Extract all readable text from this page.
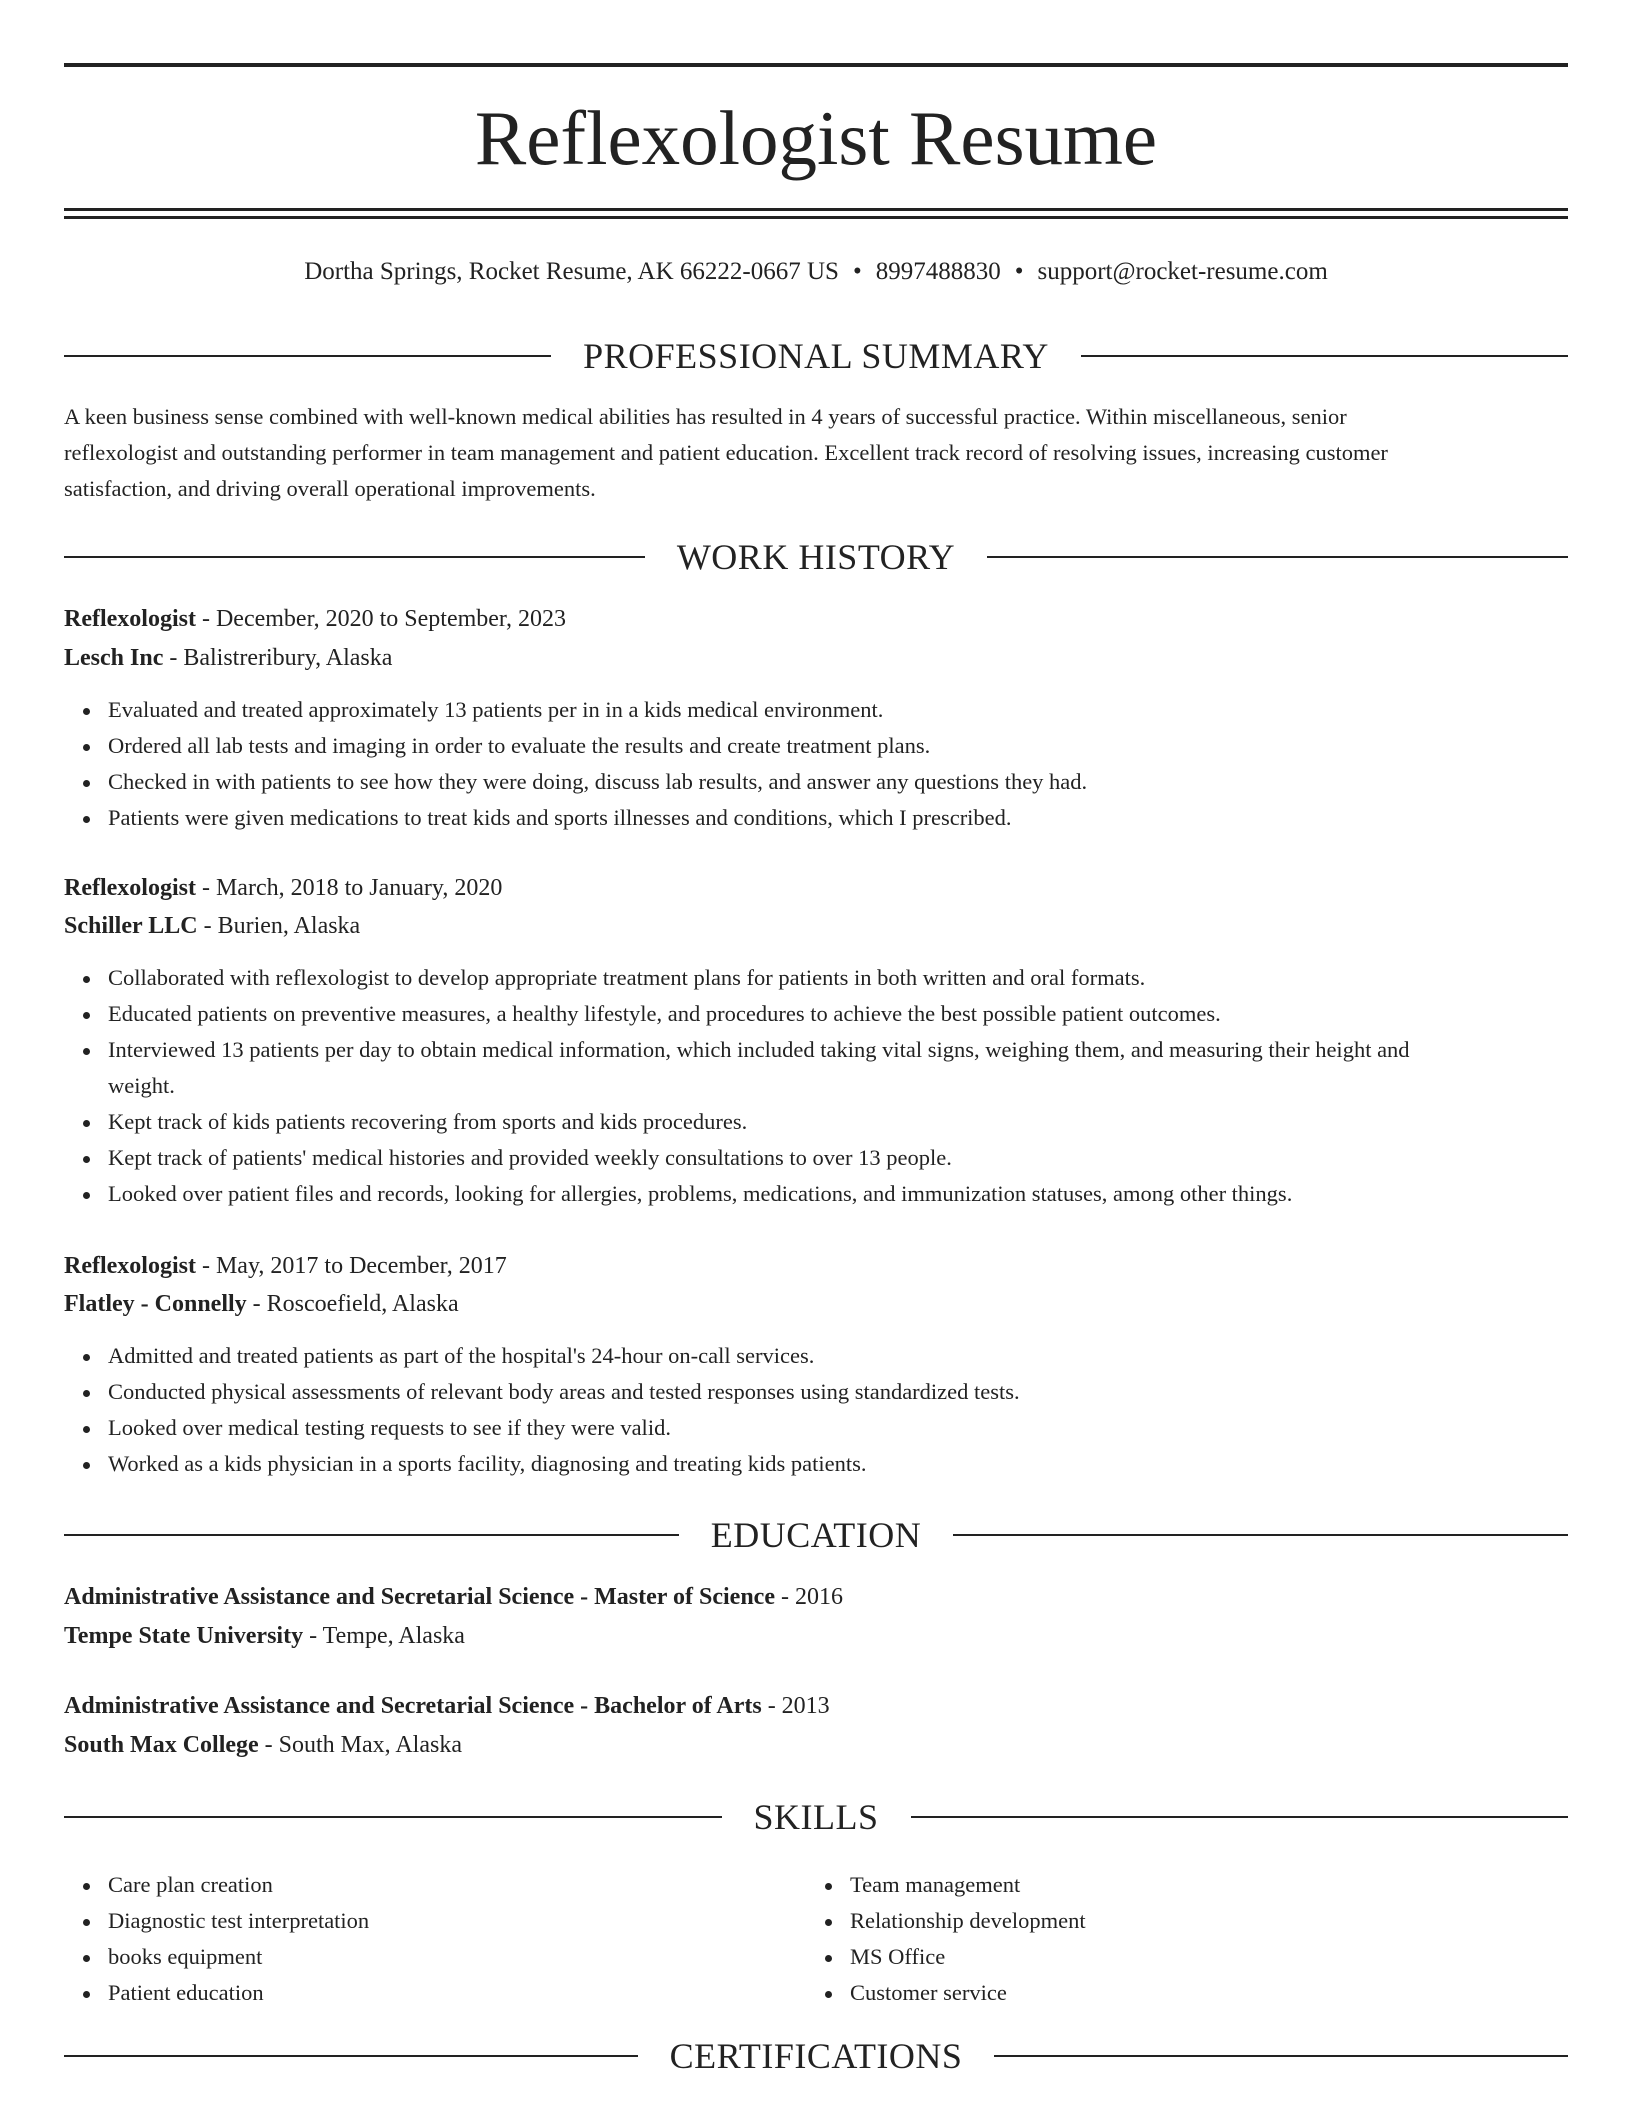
Reflexologist Resume
Dortha Springs, Rocket Resume, AK 66222-0667 US • 8997488830 • support@rocket-resume.com
PROFESSIONAL SUMMARY

A keen business sense combined with well-known medical abilities has resulted in 4 years of successful practice. Within miscellaneous, senior
reflexologist and outstanding performer in team management and patient education. Excellent track record of resolving issues, increasing customer
satisfaction, and driving overall operational improvements.

WORK HISTORY
Reflexologist - December, 2020 to September, 2023
Lesch Inc - Balistreribury, Alaska
Evaluated and treated approximately 13 patients per in in a kids medical environment.
Ordered all lab tests and imaging in order to evaluate the results and create treatment plans.
Checked in with patients to see how they were doing, discuss lab results, and answer any questions they had.
Patients were given medications to treat kids and sports illnesses and conditions, which I prescribed.
Reflexologist - March, 2018 to January, 2020
Schiller LLC - Burien, Alaska
Collaborated with reflexologist to develop appropriate treatment plans for patients in both written and oral formats.
Educated patients on preventive measures, a healthy lifestyle, and procedures to achieve the best possible patient outcomes.
Interviewed 13 patients per day to obtain medical information, which included taking vital signs, weighing them, and measuring their height and
weight.
Kept track of kids patients recovering from sports and kids procedures.
Kept track of patients' medical histories and provided weekly consultations to over 13 people.
Looked over patient files and records, looking for allergies, problems, medications, and immunization statuses, among other things.
Reflexologist - May, 2017 to December, 2017
Flatley - Connelly - Roscoefield, Alaska
Admitted and treated patients as part of the hospital's 24-hour on-call services.
Conducted physical assessments of relevant body areas and tested responses using standardized tests.
Looked over medical testing requests to see if they were valid.
Worked as a kids physician in a sports facility, diagnosing and treating kids patients.
EDUCATION
Administrative Assistance and Secretarial Science - Master of Science - 2016
Tempe State University - Tempe, Alaska
Administrative Assistance and Secretarial Science - Bachelor of Arts - 2013
South Max College - South Max, Alaska
SKILLS
Care plan creation
Diagnostic test interpretation
books equipment
Patient education
Team management
Relationship development
MS Office
Customer service
CERTIFICATIONS
